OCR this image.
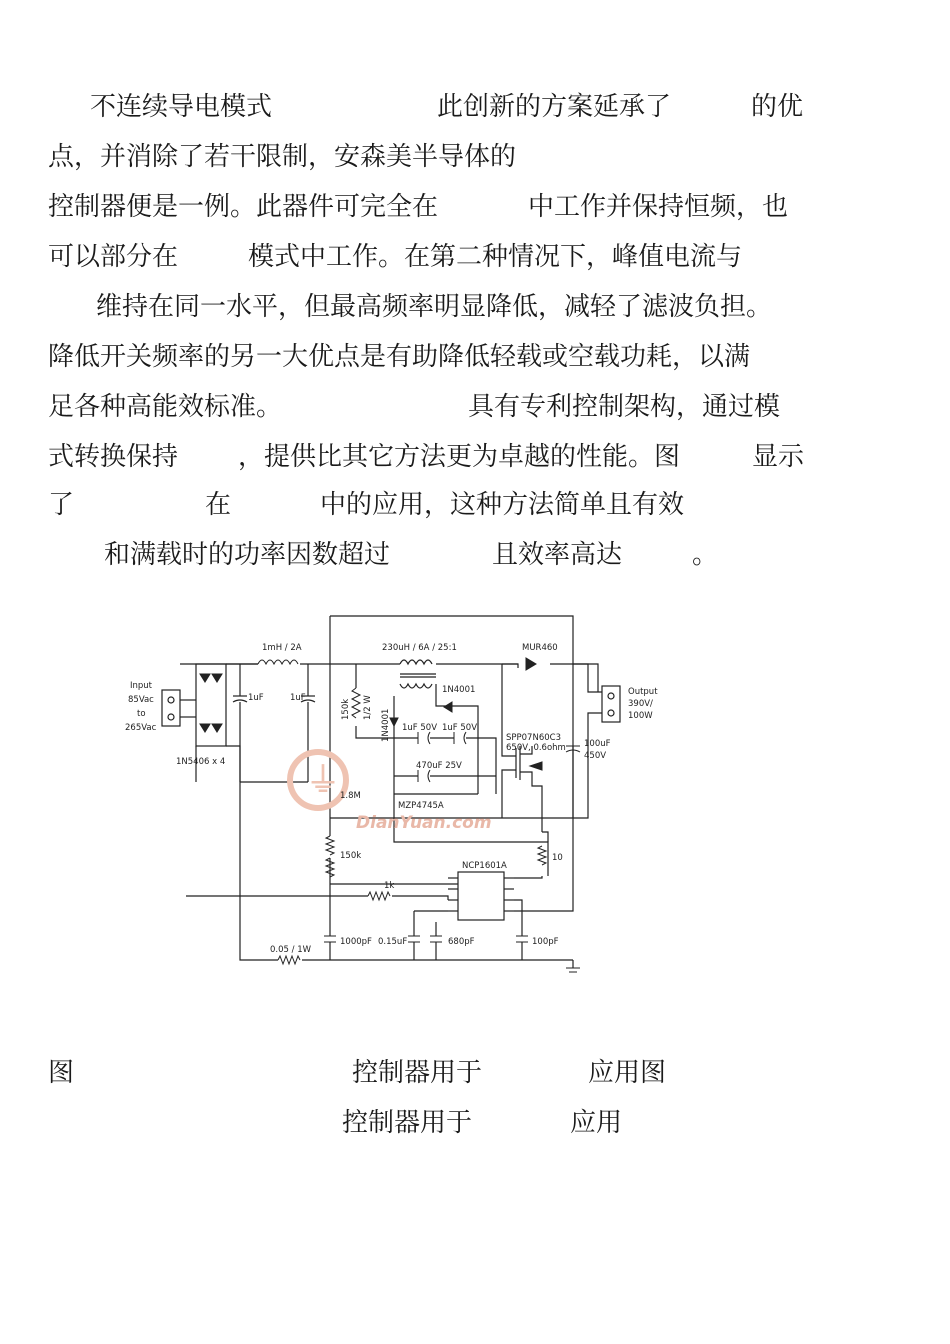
不连续导电模式	此创新的方案延承了	的优
点，并消除了若干限制，安森美半导体的
控制器便是一例。此器件可完全在	中工作并保持恒频，也
可以部分在	模式中工作。在第二种情况下，峰值电流与
维持在同一水平，但最高频率明显降低，减轻了滤波负担。
降低开关频率的另一大优点是有助降低轻载或空载功耗，以满
足各种高能效标准。	具有专利控制架构，通过模
式转换保持 ，提供比其它方法更为卓越的性能。图	显示
了	在	中的应用，这种方法简单且有效
和满载时的功率因数超过	且效率高达	。
⏚
DianYuan.com
Input
85Vac
to
265Vac
1N5406 x 4
1mH / 2A
1uF	1uF
230uH / 6A / 25:1	MUR460
Output
390V/
100W
150k 1/2 W
1N4001
1N4001
1uF 50V 1uF 50V
470uF 25V
MZP4745A
SPP07N60C3
650V, 0.6ohm 100uF
450V
1.8M
150k	10
NCP1601A
1k
1000pF 0.15uF	680pF	100pF
0.05 / 1W
图	控制器用于	应用图
控制器用于	应用
